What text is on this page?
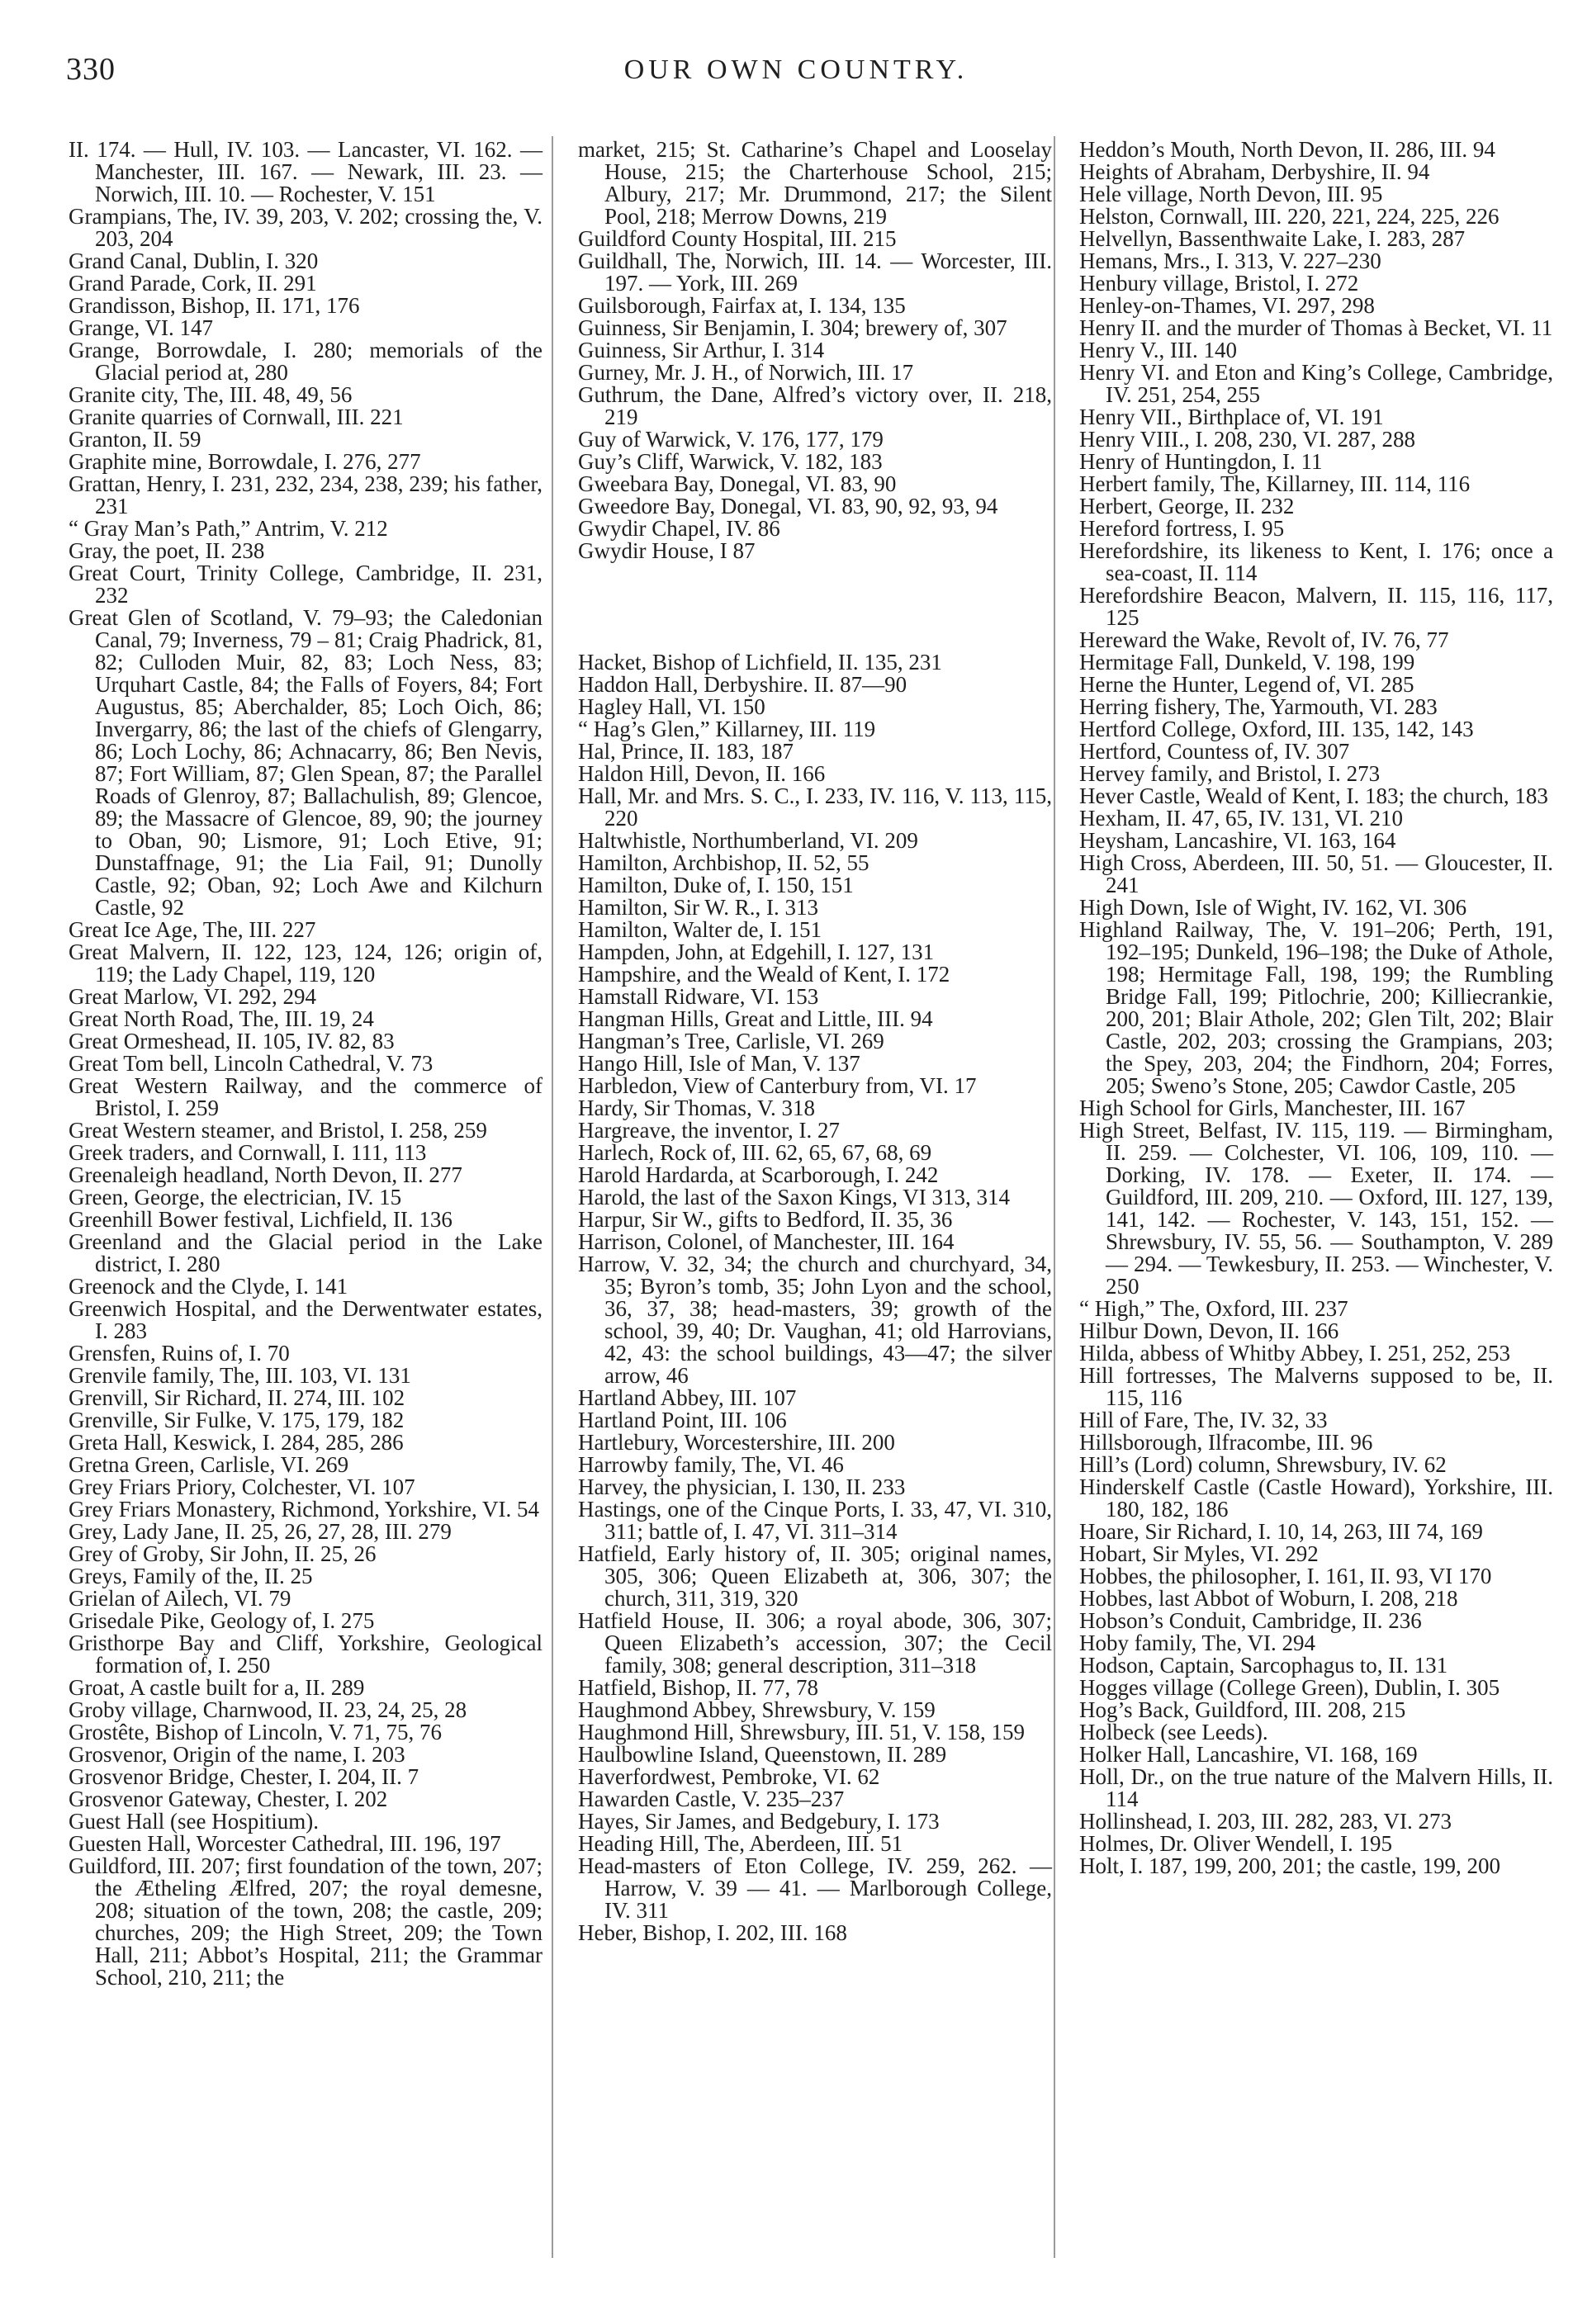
330	OUR OWN COUNTRY.
II. 174. — Hull, IV. 103. — Lancaster, VI. 162. — Manchester, III. 167. — Newark, III. 23. — Norwich, III. 10. — Rochester, V. 151
Grampians, The, IV. 39, 203, V. 202; crossing the, V. 203, 204
Grand Canal, Dublin, I. 320
Grand Parade, Cork, II. 291
Grandisson, Bishop, II. 171, 176
Grange, VI. 147
Grange, Borrowdale, I. 280; memorials of the Glacial period at, 280
Granite city, The, III. 48, 49, 56
Granite quarries of Cornwall, III. 221
Granton, II. 59
Graphite mine, Borrowdale, I. 276, 277
Grattan, Henry, I. 231, 232, 234, 238, 239; his father, 231
“ Gray Man’s Path,” Antrim, V. 212
Gray, the poet, II. 238
Great Court, Trinity College, Cambridge, II. 231, 232
Great Glen of Scotland, V. 79–93; the Caledonian Canal, 79; Inverness, 79 – 81; Craig Phadrick, 81, 82; Culloden Muir, 82, 83; Loch Ness, 83; Urquhart Castle, 84; the Falls of Foyers, 84; Fort Augustus, 85; Aberchalder, 85; Loch Oich, 86; Invergarry, 86; the last of the chiefs of Glengarry, 86; Loch Lochy, 86; Achnacarry, 86; Ben Nevis, 87; Fort William, 87; Glen Spean, 87; the Parallel Roads of Glenroy, 87; Ballachulish, 89; Glencoe, 89; the Massacre of Glencoe, 89, 90; the journey to Oban, 90; Lismore, 91; Loch Etive, 91; Dunstaffnage, 91; the Lia Fail, 91; Dunolly Castle, 92; Oban, 92; Loch Awe and Kilchurn Castle, 92
Great Ice Age, The, III. 227
Great Malvern, II. 122, 123, 124, 126; origin of, 119; the Lady Chapel, 119, 120
Great Marlow, VI. 292, 294
Great North Road, The, III. 19, 24
Great Ormeshead, II. 105, IV. 82, 83
Great Tom bell, Lincoln Cathedral, V. 73
Great Western Railway, and the commerce of Bristol, I. 259
Great Western steamer, and Bristol, I. 258, 259
Greek traders, and Cornwall, I. 111, 113
Greenaleigh headland, North Devon, II. 277
Green, George, the electrician, IV. 15
Greenhill Bower festival, Lichfield, II. 136
Greenland and the Glacial period in the Lake district, I. 280
Greenock and the Clyde, I. 141
Greenwich Hospital, and the Derwentwater estates, I. 283
Grensfen, Ruins of, I. 70
Grenvile family, The, III. 103, VI. 131
Grenvill, Sir Richard, II. 274, III. 102
Grenville, Sir Fulke, V. 175, 179, 182
Greta Hall, Keswick, I. 284, 285, 286
Gretna Green, Carlisle, VI. 269
Grey Friars Priory, Colchester, VI. 107
Grey Friars Monastery, Richmond, Yorkshire, VI. 54
Grey, Lady Jane, II. 25, 26, 27, 28, III. 279
Grey of Groby, Sir John, II. 25, 26
Greys, Family of the, II. 25
Grielan of Ailech, VI. 79
Grisedale Pike, Geology of, I. 275
Gristhorpe Bay and Cliff, Yorkshire, Geological formation of, I. 250
Groat, A castle built for a, II. 289
Groby village, Charnwood, II. 23, 24, 25, 28
Grostête, Bishop of Lincoln, V. 71, 75, 76
Grosvenor, Origin of the name, I. 203
Grosvenor Bridge, Chester, I. 204, II. 7
Grosvenor Gateway, Chester, I. 202
Guest Hall (see Hospitium).
Guesten Hall, Worcester Cathedral, III. 196, 197
Guildford, III. 207; first foundation of the town, 207; the Ætheling Ælfred, 207; the royal demesne, 208; situation of the town, 208; the castle, 209; churches, 209; the High Street, 209; the Town Hall, 211; Abbot’s Hospital, 211; the Grammar School, 210, 211; the
market, 215; St. Catharine’s Chapel and Looselay House, 215; the Charterhouse School, 215; Albury, 217; Mr. Drummond, 217; the Silent Pool, 218; Merrow Downs, 219
Guildford County Hospital, III. 215
Guildhall, The, Norwich, III. 14. — Worcester, III. 197. — York, III. 269
Guilsborough, Fairfax at, I. 134, 135
Guinness, Sir Benjamin, I. 304; brewery of, 307
Guinness, Sir Arthur, I. 314
Gurney, Mr. J. H., of Norwich, III. 17
Guthrum, the Dane, Alfred’s victory over, II. 218, 219
Guy of Warwick, V. 176, 177, 179
Guy’s Cliff, Warwick, V. 182, 183
Gweebara Bay, Donegal, VI. 83, 90
Gweedore Bay, Donegal, VI. 83, 90, 92, 93, 94
Gwydir Chapel, IV. 86
Gwydir House, I 87
Hacket, Bishop of Lichfield, II. 135, 231
Haddon Hall, Derbyshire. II. 87—90
Hagley Hall, VI. 150
“ Hag’s Glen,” Killarney, III. 119
Hal, Prince, II. 183, 187
Haldon Hill, Devon, II. 166
Hall, Mr. and Mrs. S. C., I. 233, IV. 116, V. 113, 115, 220
Haltwhistle, Northumberland, VI. 209
Hamilton, Archbishop, II. 52, 55
Hamilton, Duke of, I. 150, 151
Hamilton, Sir W. R., I. 313
Hamilton, Walter de, I. 151
Hampden, John, at Edgehill, I. 127, 131
Hampshire, and the Weald of Kent, I. 172
Hamstall Ridware, VI. 153
Hangman Hills, Great and Little, III. 94
Hangman’s Tree, Carlisle, VI. 269
Hango Hill, Isle of Man, V. 137
Harbledon, View of Canterbury from, VI. 17
Hardy, Sir Thomas, V. 318
Hargreave, the inventor, I. 27
Harlech, Rock of, III. 62, 65, 67, 68, 69
Harold Hardarda, at Scarborough, I. 242
Harold, the last of the Saxon Kings, VI 313, 314
Harpur, Sir W., gifts to Bedford, II. 35, 36
Harrison, Colonel, of Manchester, III. 164
Harrow, V. 32, 34; the church and churchyard, 34, 35; Byron’s tomb, 35; John Lyon and the school, 36, 37, 38; head-masters, 39; growth of the school, 39, 40; Dr. Vaughan, 41; old Harrovians, 42, 43: the school buildings, 43—47; the silver arrow, 46
Hartland Abbey, III. 107
Hartland Point, III. 106
Hartlebury, Worcestershire, III. 200
Harrowby family, The, VI. 46
Harvey, the physician, I. 130, II. 233
Hastings, one of the Cinque Ports, I. 33, 47, VI. 310, 311; battle of, I. 47, VI. 311–314
Hatfield, Early history of, II. 305; original names, 305, 306; Queen Elizabeth at, 306, 307; the church, 311, 319, 320
Hatfield House, II. 306; a royal abode, 306, 307; Queen Elizabeth’s accession, 307; the Cecil family, 308; general description, 311–318
Hatfield, Bishop, II. 77, 78
Haughmond Abbey, Shrewsbury, V. 159
Haughmond Hill, Shrewsbury, III. 51, V. 158, 159
Haulbowline Island, Queenstown, II. 289
Haverfordwest, Pembroke, VI. 62
Hawarden Castle, V. 235–237
Hayes, Sir James, and Bedgebury, I. 173
Heading Hill, The, Aberdeen, III. 51
Head-masters of Eton College, IV. 259, 262. — Harrow, V. 39 — 41. — Marlborough College, IV. 311
Heber, Bishop, I. 202, III. 168
Heddon’s Mouth, North Devon, II. 286, III. 94
Heights of Abraham, Derbyshire, II. 94
Hele village, North Devon, III. 95
Helston, Cornwall, III. 220, 221, 224, 225, 226
Helvellyn, Bassenthwaite Lake, I. 283, 287
Hemans, Mrs., I. 313, V. 227–230
Henbury village, Bristol, I. 272
Henley-on-Thames, VI. 297, 298
Henry II. and the murder of Thomas à Becket, VI. 11
Henry V., III. 140
Henry VI. and Eton and King’s College, Cambridge, IV. 251, 254, 255
Henry VII., Birthplace of, VI. 191
Henry VIII., I. 208, 230, VI. 287, 288
Henry of Huntingdon, I. 11
Herbert family, The, Killarney, III. 114, 116
Herbert, George, II. 232
Hereford fortress, I. 95
Herefordshire, its likeness to Kent, I. 176; once a sea-coast, II. 114
Herefordshire Beacon, Malvern, II. 115, 116, 117, 125
Hereward the Wake, Revolt of, IV. 76, 77
Hermitage Fall, Dunkeld, V. 198, 199
Herne the Hunter, Legend of, VI. 285
Herring fishery, The, Yarmouth, VI. 283
Hertford College, Oxford, III. 135, 142, 143
Hertford, Countess of, IV. 307
Hervey family, and Bristol, I. 273
Hever Castle, Weald of Kent, I. 183; the church, 183
Hexham, II. 47, 65, IV. 131, VI. 210
Heysham, Lancashire, VI. 163, 164
High Cross, Aberdeen, III. 50, 51. — Gloucester, II. 241
High Down, Isle of Wight, IV. 162, VI. 306
Highland Railway, The, V. 191–206; Perth, 191, 192–195; Dunkeld, 196–198; the Duke of Athole, 198; Hermitage Fall, 198, 199; the Rumbling Bridge Fall, 199; Pitlochrie, 200; Killiecrankie, 200, 201; Blair Athole, 202; Glen Tilt, 202; Blair Castle, 202, 203; crossing the Grampians, 203; the Spey, 203, 204; the Findhorn, 204; Forres, 205; Sweno’s Stone, 205; Cawdor Castle, 205
High School for Girls, Manchester, III. 167
High Street, Belfast, IV. 115, 119. — Birmingham, II. 259. — Colchester, VI. 106, 109, 110. — Dorking, IV. 178. — Exeter, II. 174. — Guildford, III. 209, 210. — Oxford, III. 127, 139, 141, 142. — Rochester, V. 143, 151, 152. — Shrewsbury, IV. 55, 56. — Southampton, V. 289 — 294. — Tewkesbury, II. 253. — Winchester, V. 250
“ High,” The, Oxford, III. 237
Hilbur Down, Devon, II. 166
Hilda, abbess of Whitby Abbey, I. 251, 252, 253
Hill fortresses, The Malverns supposed to be, II. 115, 116
Hill of Fare, The, IV. 32, 33
Hillsborough, Ilfracombe, III. 96
Hill’s (Lord) column, Shrewsbury, IV. 62
Hinderskelf Castle (Castle Howard), Yorkshire, III. 180, 182, 186
Hoare, Sir Richard, I. 10, 14, 263, III 74, 169
Hobart, Sir Myles, VI. 292
Hobbes, the philosopher, I. 161, II. 93, VI 170
Hobbes, last Abbot of Woburn, I. 208, 218
Hobson’s Conduit, Cambridge, II. 236
Hoby family, The, VI. 294
Hodson, Captain, Sarcophagus to, II. 131
Hogges village (College Green), Dublin, I. 305
Hog’s Back, Guildford, III. 208, 215
Holbeck (see Leeds).
Holker Hall, Lancashire, VI. 168, 169
Holl, Dr., on the true nature of the Malvern Hills, II. 114
Hollinshead, I. 203, III. 282, 283, VI. 273
Holmes, Dr. Oliver Wendell, I. 195
Holt, I. 187, 199, 200, 201; the castle, 199, 200
